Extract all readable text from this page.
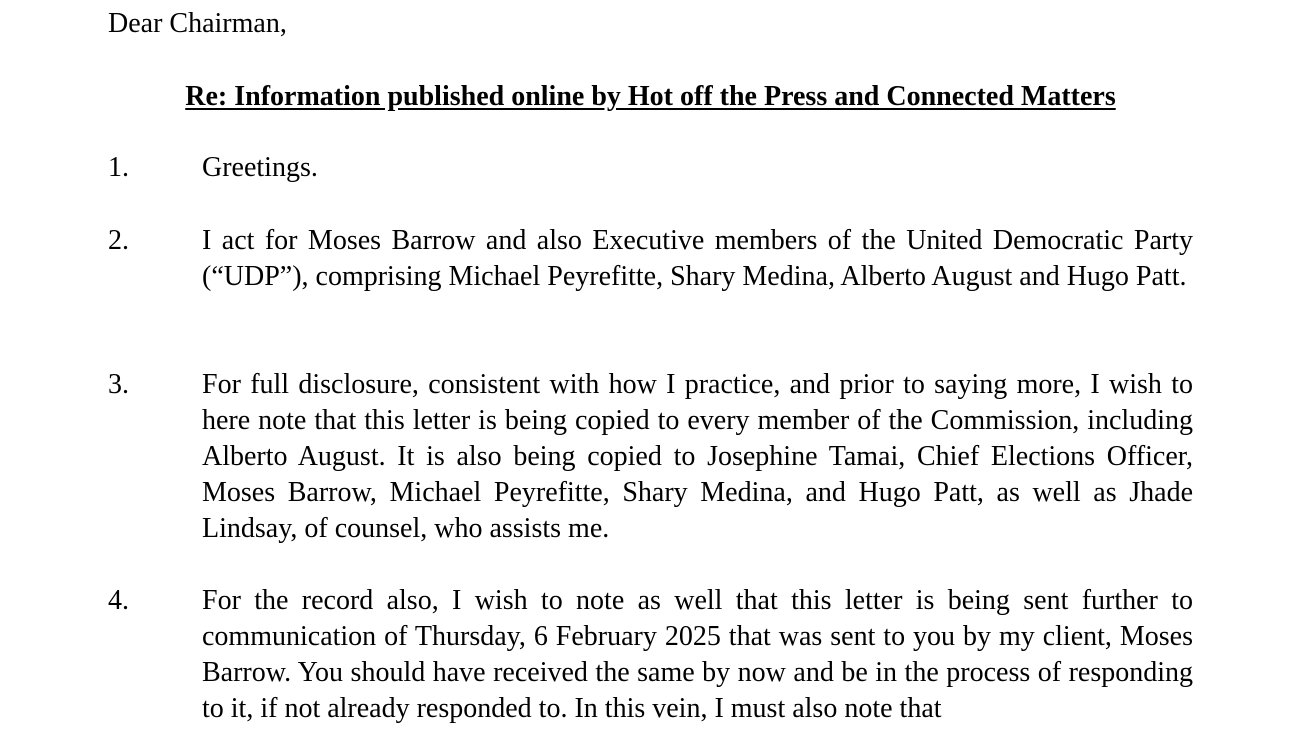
Dear Chairman,
Re: Information published online by Hot off the Press and Connected Matters
1.	Greetings.
2.	I act for Moses Barrow and also Executive members of the United Democratic Party (“UDP”), comprising Michael Peyrefitte, Shary Medina, Alberto August and Hugo Patt.
3.	For full disclosure, consistent with how I practice, and prior to saying more, I wish to here note that this letter is being copied to every member of the Commission, including Alberto August. It is also being copied to Josephine Tamai, Chief Elections Officer, Moses Barrow, Michael Peyrefitte, Shary Medina, and Hugo Patt, as well as Jhade Lindsay, of counsel, who assists me.
4.	For the record also, I wish to note as well that this letter is being sent further to communication of Thursday, 6 February 2025 that was sent to you by my client, Moses Barrow. You should have received the same by now and be in the process of responding to it, if not already responded to. In this vein, I must also note that
